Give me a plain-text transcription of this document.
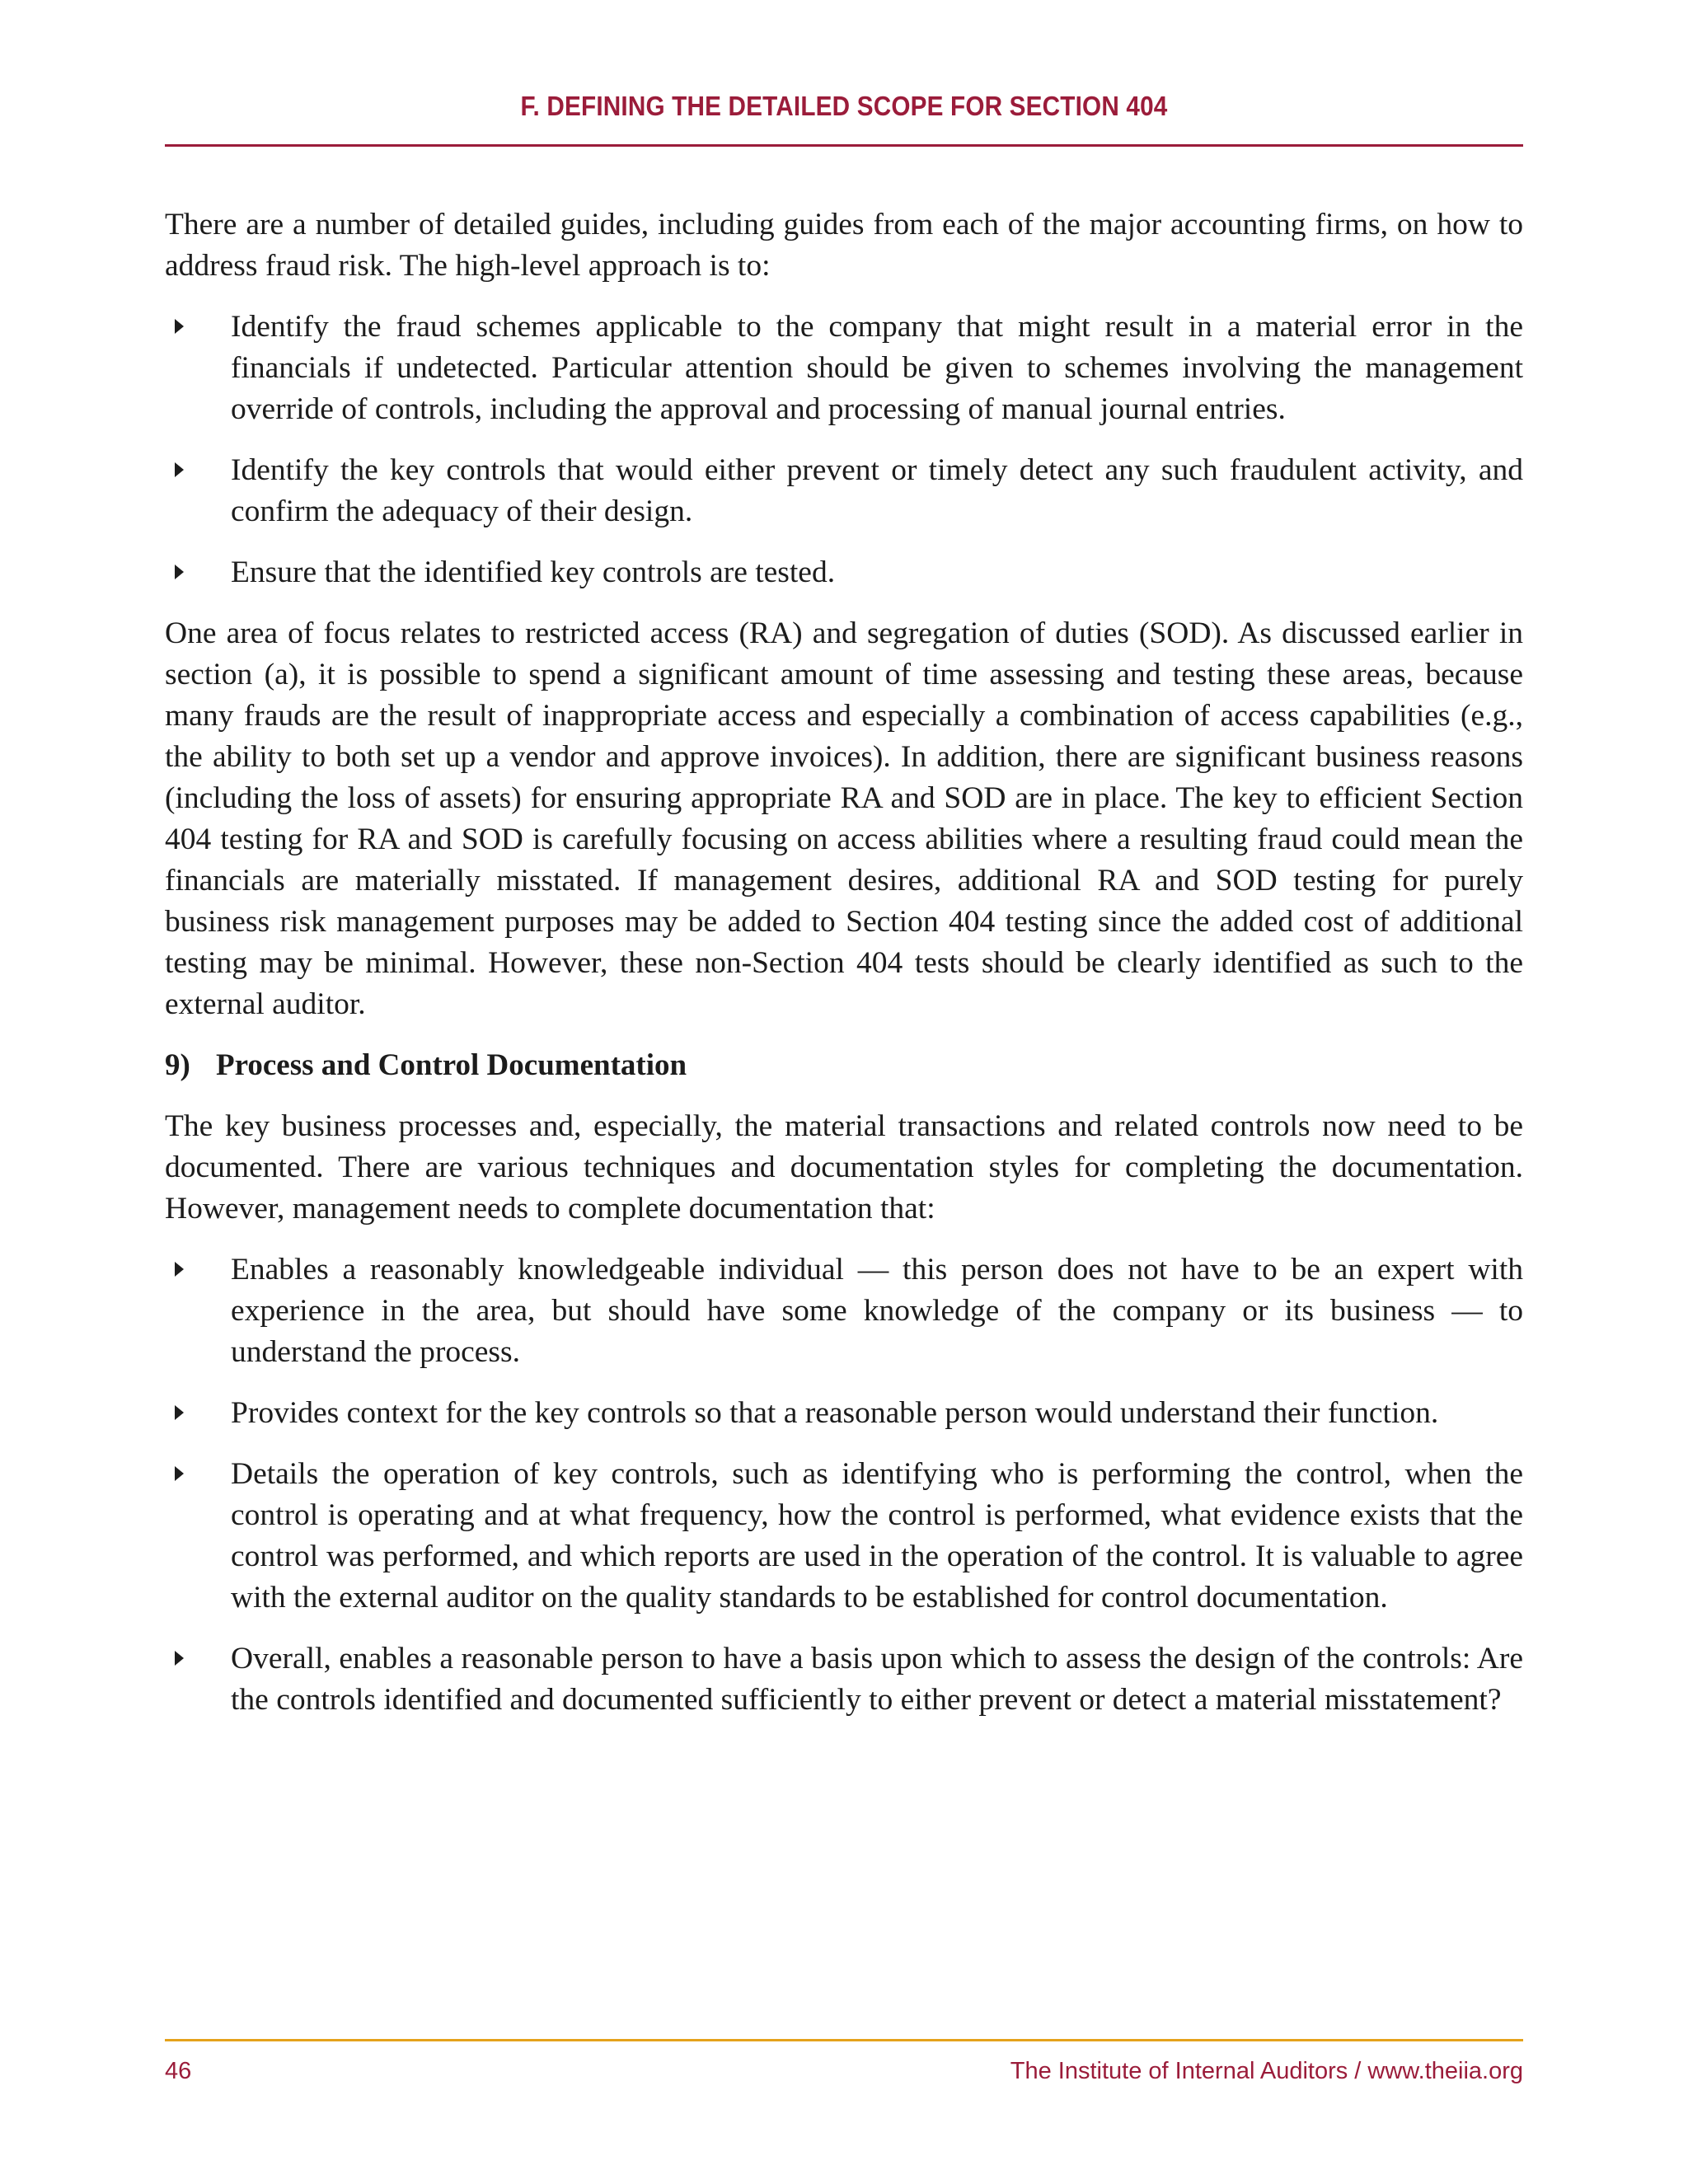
F. DEFINING THE DETAILED SCOPE FOR SECTION 404

There are a number of detailed guides, including guides from each of the major accounting firms, on how to address fraud risk. The high-level approach is to:

Identify the fraud schemes applicable to the company that might result in a material error in the financials if undetected. Particular attention should be given to schemes involving the management override of controls, including the approval and processing of manual journal entries.
Identify the key controls that would either prevent or timely detect any such fraudulent activity, and confirm the adequacy of their design.
Ensure that the identified key controls are tested.

One area of focus relates to restricted access (RA) and segregation of duties (SOD). As discussed earlier in section (a), it is possible to spend a significant amount of time assessing and testing these areas, because many frauds are the result of inappropriate access and especially a combination of access capabilities (e.g., the ability to both set up a vendor and approve invoices). In addition, there are significant business reasons (including the loss of assets) for ensuring appropriate RA and SOD are in place. The key to efficient Section 404 testing for RA and SOD is carefully focusing on access abilities where a resulting fraud could mean the financials are materially misstated. If management desires, additional RA and SOD testing for purely business risk management purposes may be added to Section 404 testing since the added cost of additional testing may be minimal. However, these non-Section 404 tests should be clearly identified as such to the external auditor.

9) Process and Control Documentation

The key business processes and, especially, the material transactions and related controls now need to be documented. There are various techniques and documentation styles for completing the documentation. However, management needs to complete documentation that:

Enables a reasonably knowledgeable individual — this person does not have to be an expert with experience in the area, but should have some knowledge of the company or its business — to understand the process.
Provides context for the key controls so that a reasonable person would understand their function.
Details the operation of key controls, such as identifying who is performing the control, when the control is operating and at what frequency, how the control is performed, what evidence exists that the control was performed, and which reports are used in the operation of the control. It is valuable to agree with the external auditor on the quality standards to be established for control documentation.
Overall, enables a reasonable person to have a basis upon which to assess the design of the controls: Are the controls identified and documented sufficiently to either prevent or detect a material misstatement?
46	The Institute of Internal Auditors / www.theiia.org
